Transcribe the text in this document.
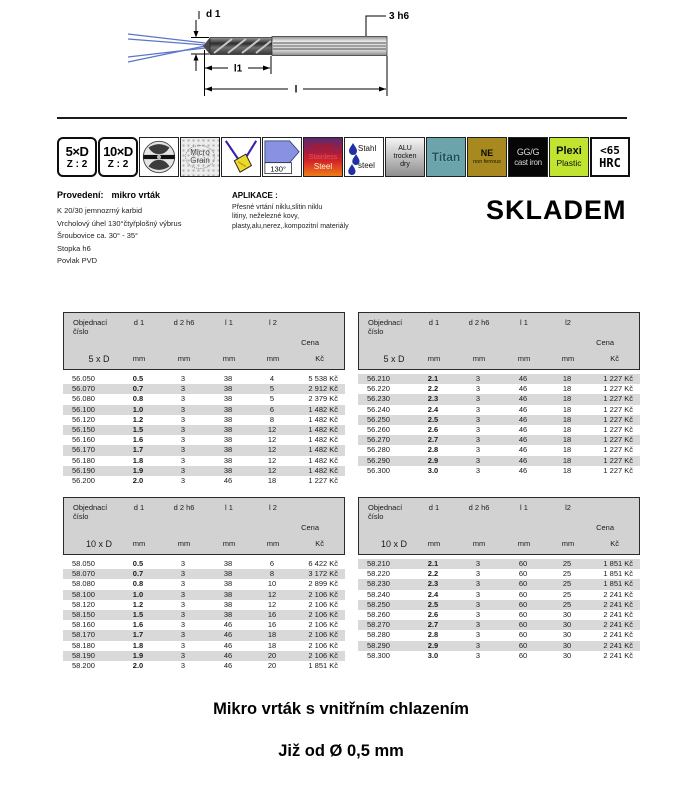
d 1
l1
l
3 h6
5×D
Z : 2
10×D
Z : 2
Micro
Grain
130°
INOX
Stainless
Steel
Stahl
steel
ALU
trocken
dry
Titan NE
non ferrous
GG/G
cast iron
Plexi
Plastic
<65
HRC
Provedení: mikro vrták
K 20/30 jemnozrný karbid
Vrcholový úhel 130°čtyřplošný výbrus
Šroubovice ca. 30° - 35°
Stopka h6
Povlak PVD
APLIKACE :
Přesné vrtání niklu,slitin niklu
litiny, neželezné kovy,
plasty,alu,nerez,.kompozitní materiály
SKLADEM
Objednací číslo
d 1	d 2 h6	l 1	l 2
Cena
5 x D	mm	mm	mm	mm	Kč
56.050	0.5	3	38	4	5 538 Kč
56.070	0.7	3	38	5	2 912 Kč
56.080	0.8	3	38	5	2 379 Kč
56.100	1.0	3	38	6	1 482 Kč
56.120	1.2	3	38	8	1 482 Kč
56.150	1.5	3	38	12	1 482 Kč
56.160	1.6	3	38	12	1 482 Kč
56.170	1.7	3	38	12	1 482 Kč
56.180	1.8	3	38	12	1 482 Kč
56.190	1.9	3	38	12	1 482 Kč
56.200	2.0	3	46	18	1 227 Kč
Objednací číslo
d 1	d 2 h6	l 1	l2
Cena
5 x D	mm	mm	mm	mm	Kč
56.210	2.1	3	46	18	1 227 Kč
56.220	2.2	3	46	18	1 227 Kč
56.230	2.3	3	46	18	1 227 Kč
56.240	2.4	3	46	18	1 227 Kč
56.250	2.5	3	46	18	1 227 Kč
56.260	2.6	3	46	18	1 227 Kč
56.270	2.7	3	46	18	1 227 Kč
56.280	2.8	3	46	18	1 227 Kč
56.290	2.9	3	46	18	1 227 Kč
56.300	3.0	3	46	18	1 227 Kč
Objednací číslo
d 1	d 2 h6	l 1	l 2
Cena
10 x D	mm	mm	mm	mm	Kč
58.050	0.5	3	38	6	6 422 Kč
58.070	0.7	3	38	8	3 172 Kč
58.080	0.8	3	38	10	2 899 Kč
58.100	1.0	3	38	12	2 106 Kč
58.120	1.2	3	38	12	2 106 Kč
58.150	1.5	3	38	16	2 106 Kč
58.160	1.6	3	46	16	2 106 Kč
58.170	1.7	3	46	18	2 106 Kč
58.180	1.8	3	46	18	2 106 Kč
58.190	1.9	3	46	20	2 106 Kč
58.200	2.0	3	46	20	1 851 Kč
Objednací číslo
d 1	d 2 h6	l 1	l2
Cena
10 x D	mm	mm	mm	mm	Kč
58.210	2.1	3	60	25	1 851 Kč
58.220	2.2	3	60	25	1 851 Kč
58.230	2.3	3	60	25	1 851 Kč
58.240	2.4	3	60	25	2 241 Kč
58.250	2.5	3	60	25	2 241 Kč
58.260	2.6	3	60	30	2 241 Kč
58.270	2.7	3	60	30	2 241 Kč
58.280	2.8	3	60	30	2 241 Kč
58.290	2.9	3	60	30	2 241 Kč
58.300	3.0	3	60	30	2 241 Kč
Mikro vrták s vnitřním chlazením
Již od Ø 0,5 mm
